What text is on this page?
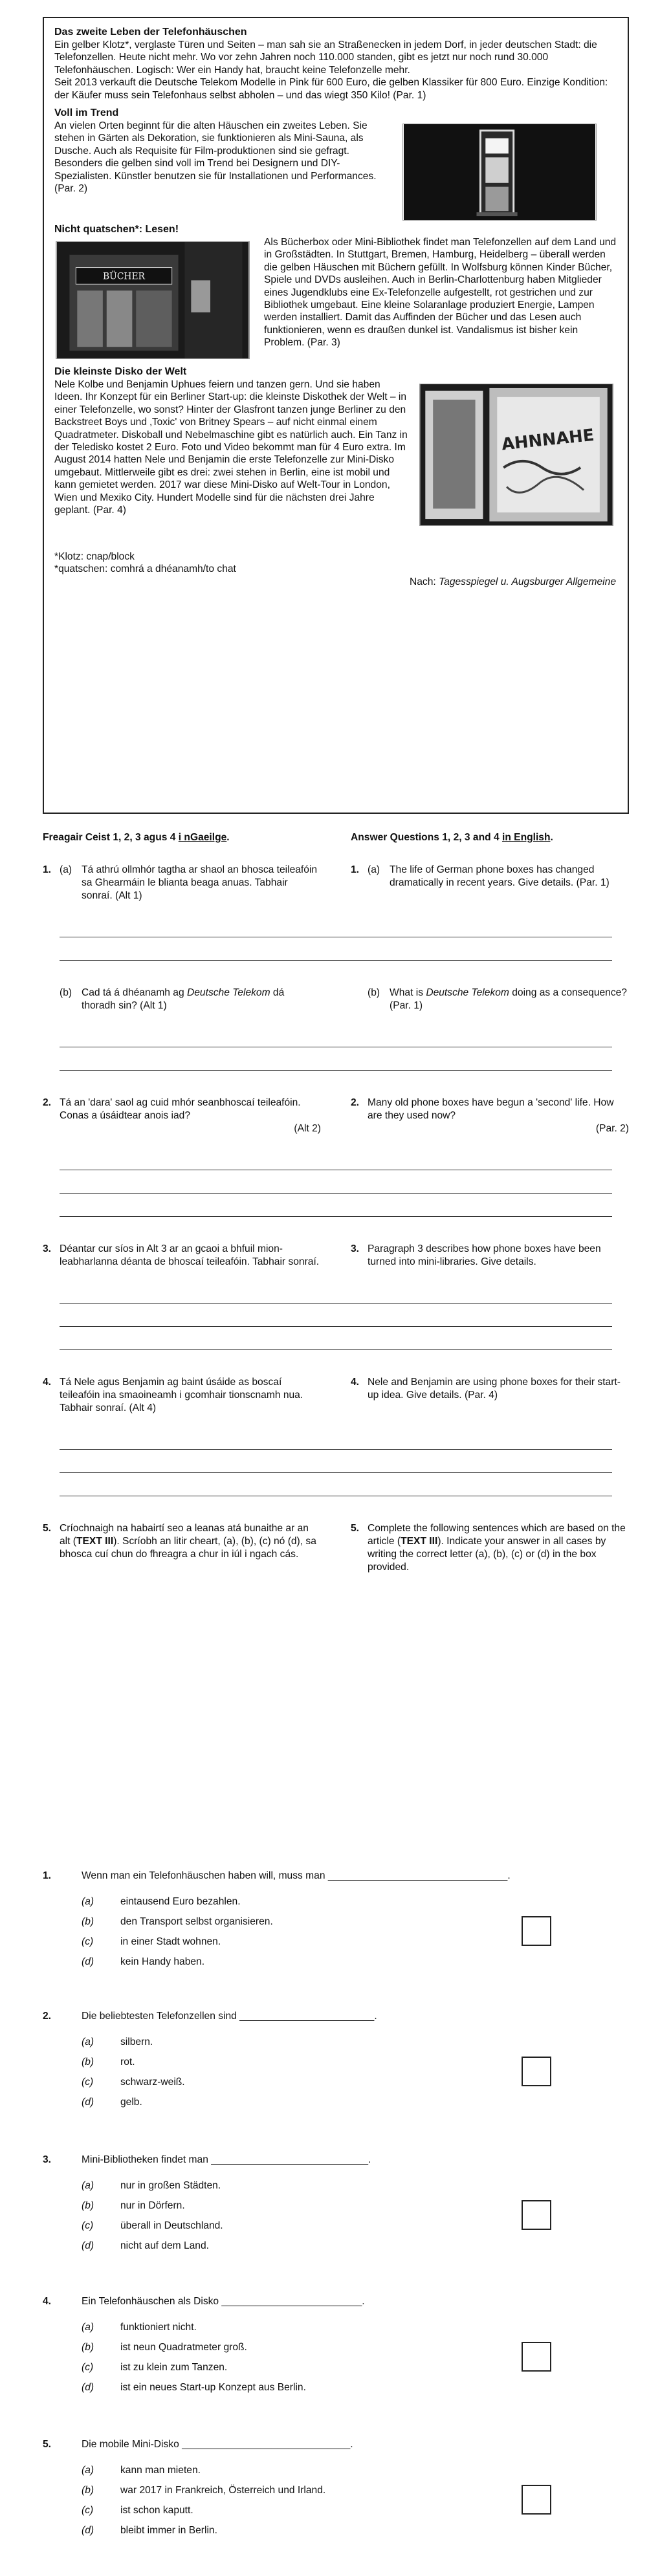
Das zweite Leben der Telefonhäuschen

Ein gelber Klotz*, verglaste Türen und Seiten – man sah sie an Straßenecken in jedem Dorf, in jeder deutschen Stadt: die Telefonzellen. Heute nicht mehr. Wo vor zehn Jahren noch 110.000 standen, gibt es jetzt nur noch rund 30.000 Telefonhäuschen. Logisch: Wer ein Handy hat, braucht keine Telefonzelle mehr.

Seit 2013 verkauft die Deutsche Telekom Modelle in Pink für 600 Euro, die gelben Klassiker für 800 Euro. Einzige Kondition: der Käufer muss sein Telefonhaus selbst abholen – und das wiegt 350 Kilo! (Par. 1)

Voll im Trend

An vielen Orten beginnt für die alten Häuschen ein zweites Leben. Sie stehen in Gärten als Dekoration, sie funktionieren als Mini-Sauna, als Dusche. Auch als Requisite für Film-produktionen sind sie gefragt. Besonders die gelben sind voll im Trend bei Designern und DIY-Spezialisten. Künstler benutzen sie für Installationen und Performances. (Par. 2)

Nicht quatschen*: Lesen!
BÜCHER

Als Bücherbox oder Mini-Bibliothek findet man Telefonzellen auf dem Land und in Großstädten. In Stuttgart, Bremen, Hamburg, Heidelberg – überall werden die gelben Häuschen mit Büchern gefüllt. In Wolfsburg können Kinder Bücher, Spiele und DVDs ausleihen. Auch in Berlin-Charlottenburg haben Mitglieder eines Jugendklubs eine Ex-Telefonzelle aufgestellt, rot gestrichen und zur Bibliothek umgebaut. Eine kleine Solaranlage produziert Energie, Lampen werden installiert. Damit das Auffinden der Bücher und das Lesen auch funktionieren, wenn es draußen dunkel ist. Vandalismus ist bisher kein Problem. (Par. 3)

Die kleinste Disko der Welt
AHNNAHE

Nele Kolbe und Benjamin Uphues feiern und tanzen gern. Und sie haben Ideen. Ihr Konzept für ein Berliner Start-up: die kleinste Diskothek der Welt – in einer Telefonzelle, wo sonst? Hinter der Glasfront tanzen junge Berliner zu den Backstreet Boys und ‚Toxic' von Britney Spears – auf nicht einmal einem Quadratmeter. Diskoball und Nebelmaschine gibt es natürlich auch. Ein Tanz in der Teledisko kostet 2 Euro. Foto und Video bekommt man für 4 Euro extra. Im August 2014 hatten Nele und Benjamin die erste Telefonzelle zur Mini-Disko umgebaut. Mittlerweile gibt es drei: zwei stehen in Berlin, eine ist mobil und kann gemietet werden. 2017 war diese Mini-Disko auf Welt-Tour in London, Wien und Mexiko City. Hundert Modelle sind für die nächsten drei Jahre geplant. (Par. 4)

*Klotz: cnap/block

*quatschen: comhrá a dhéanamh/to chat

Nach: Tagesspiegel u. Augsburger Allgemeine

Freagair Ceist 1, 2, 3 agus 4 i nGaeilge.	Answer Questions 1, 2, 3 and 4 in English.
1. (a) Tá athrú ollmhór tagtha ar shaol an bhosca teileafóin sa Ghearmáin le blianta beaga anuas. Tabhair sonraí. (Alt 1)
1. (a) The life of German phone boxes has changed dramatically in recent years. Give details. (Par. 1)
(b) Cad tá á dhéanamh ag Deutsche Telekom dá thoradh sin? (Alt 1)
(b) What is Deutsche Telekom doing as a consequence? (Par. 1)
2. Tá an 'dara' saol ag cuid mhór seanbhoscaí teileafóin. Conas a úsáidtear anois iad?

(Alt 2)
2. Many old phone boxes have begun a 'second' life. How are they used now?

(Par. 2)
3. Déantar cur síos in Alt 3 ar an gcaoi a bhfuil mion-leabharlanna déanta de bhoscaí teileafóin. Tabhair sonraí.
3. Paragraph 3 describes how phone boxes have been turned into mini-libraries. Give details.
4. Tá Nele agus Benjamin ag baint úsáide as boscaí teileafóin ina smaoineamh i gcomhair tionscnamh nua. Tabhair sonraí. (Alt 4)
4. Nele and Benjamin are using phone boxes for their start-up idea. Give details. (Par. 4)
5. Críochnaigh na habairtí seo a leanas atá bunaithe ar an alt (TEXT III). Scríobh an litir cheart, (a), (b), (c) nó (d), sa bhosca cuí chun do fhreagra a chur in iúl i ngach cás.
5. Complete the following sentences which are based on the article (TEXT III). Indicate your answer in all cases by writing the correct letter (a), (b), (c) or (d) in the box provided.
1.	Wenn man ein Telefonhäuschen haben will, muss man ________________________________.
(a)	eintausend Euro bezahlen.
(b)	den Transport selbst organisieren.
(c)	in einer Stadt wohnen.
(d)	kein Handy haben.
2.	Die beliebtesten Telefonzellen sind ________________________.
(a)	silbern.
(b)	rot.
(c)	schwarz-weiß.
(d)	gelb.
3.	Mini-Bibliotheken findet man ____________________________.
(a)	nur in großen Städten.
(b)	nur in Dörfern.
(c)	überall in Deutschland.
(d)	nicht auf dem Land.
4.	Ein Telefonhäuschen als Disko _________________________.
(a)	funktioniert nicht.
(b)	ist neun Quadratmeter groß.
(c)	ist zu klein zum Tanzen.
(d)	ist ein neues Start-up Konzept aus Berlin.
5.	Die mobile Mini-Disko ______________________________.
(a)	kann man mieten.
(b)	war 2017 in Frankreich, Österreich und Irland.
(c)	ist schon kaputt.
(d)	bleibt immer in Berlin.
